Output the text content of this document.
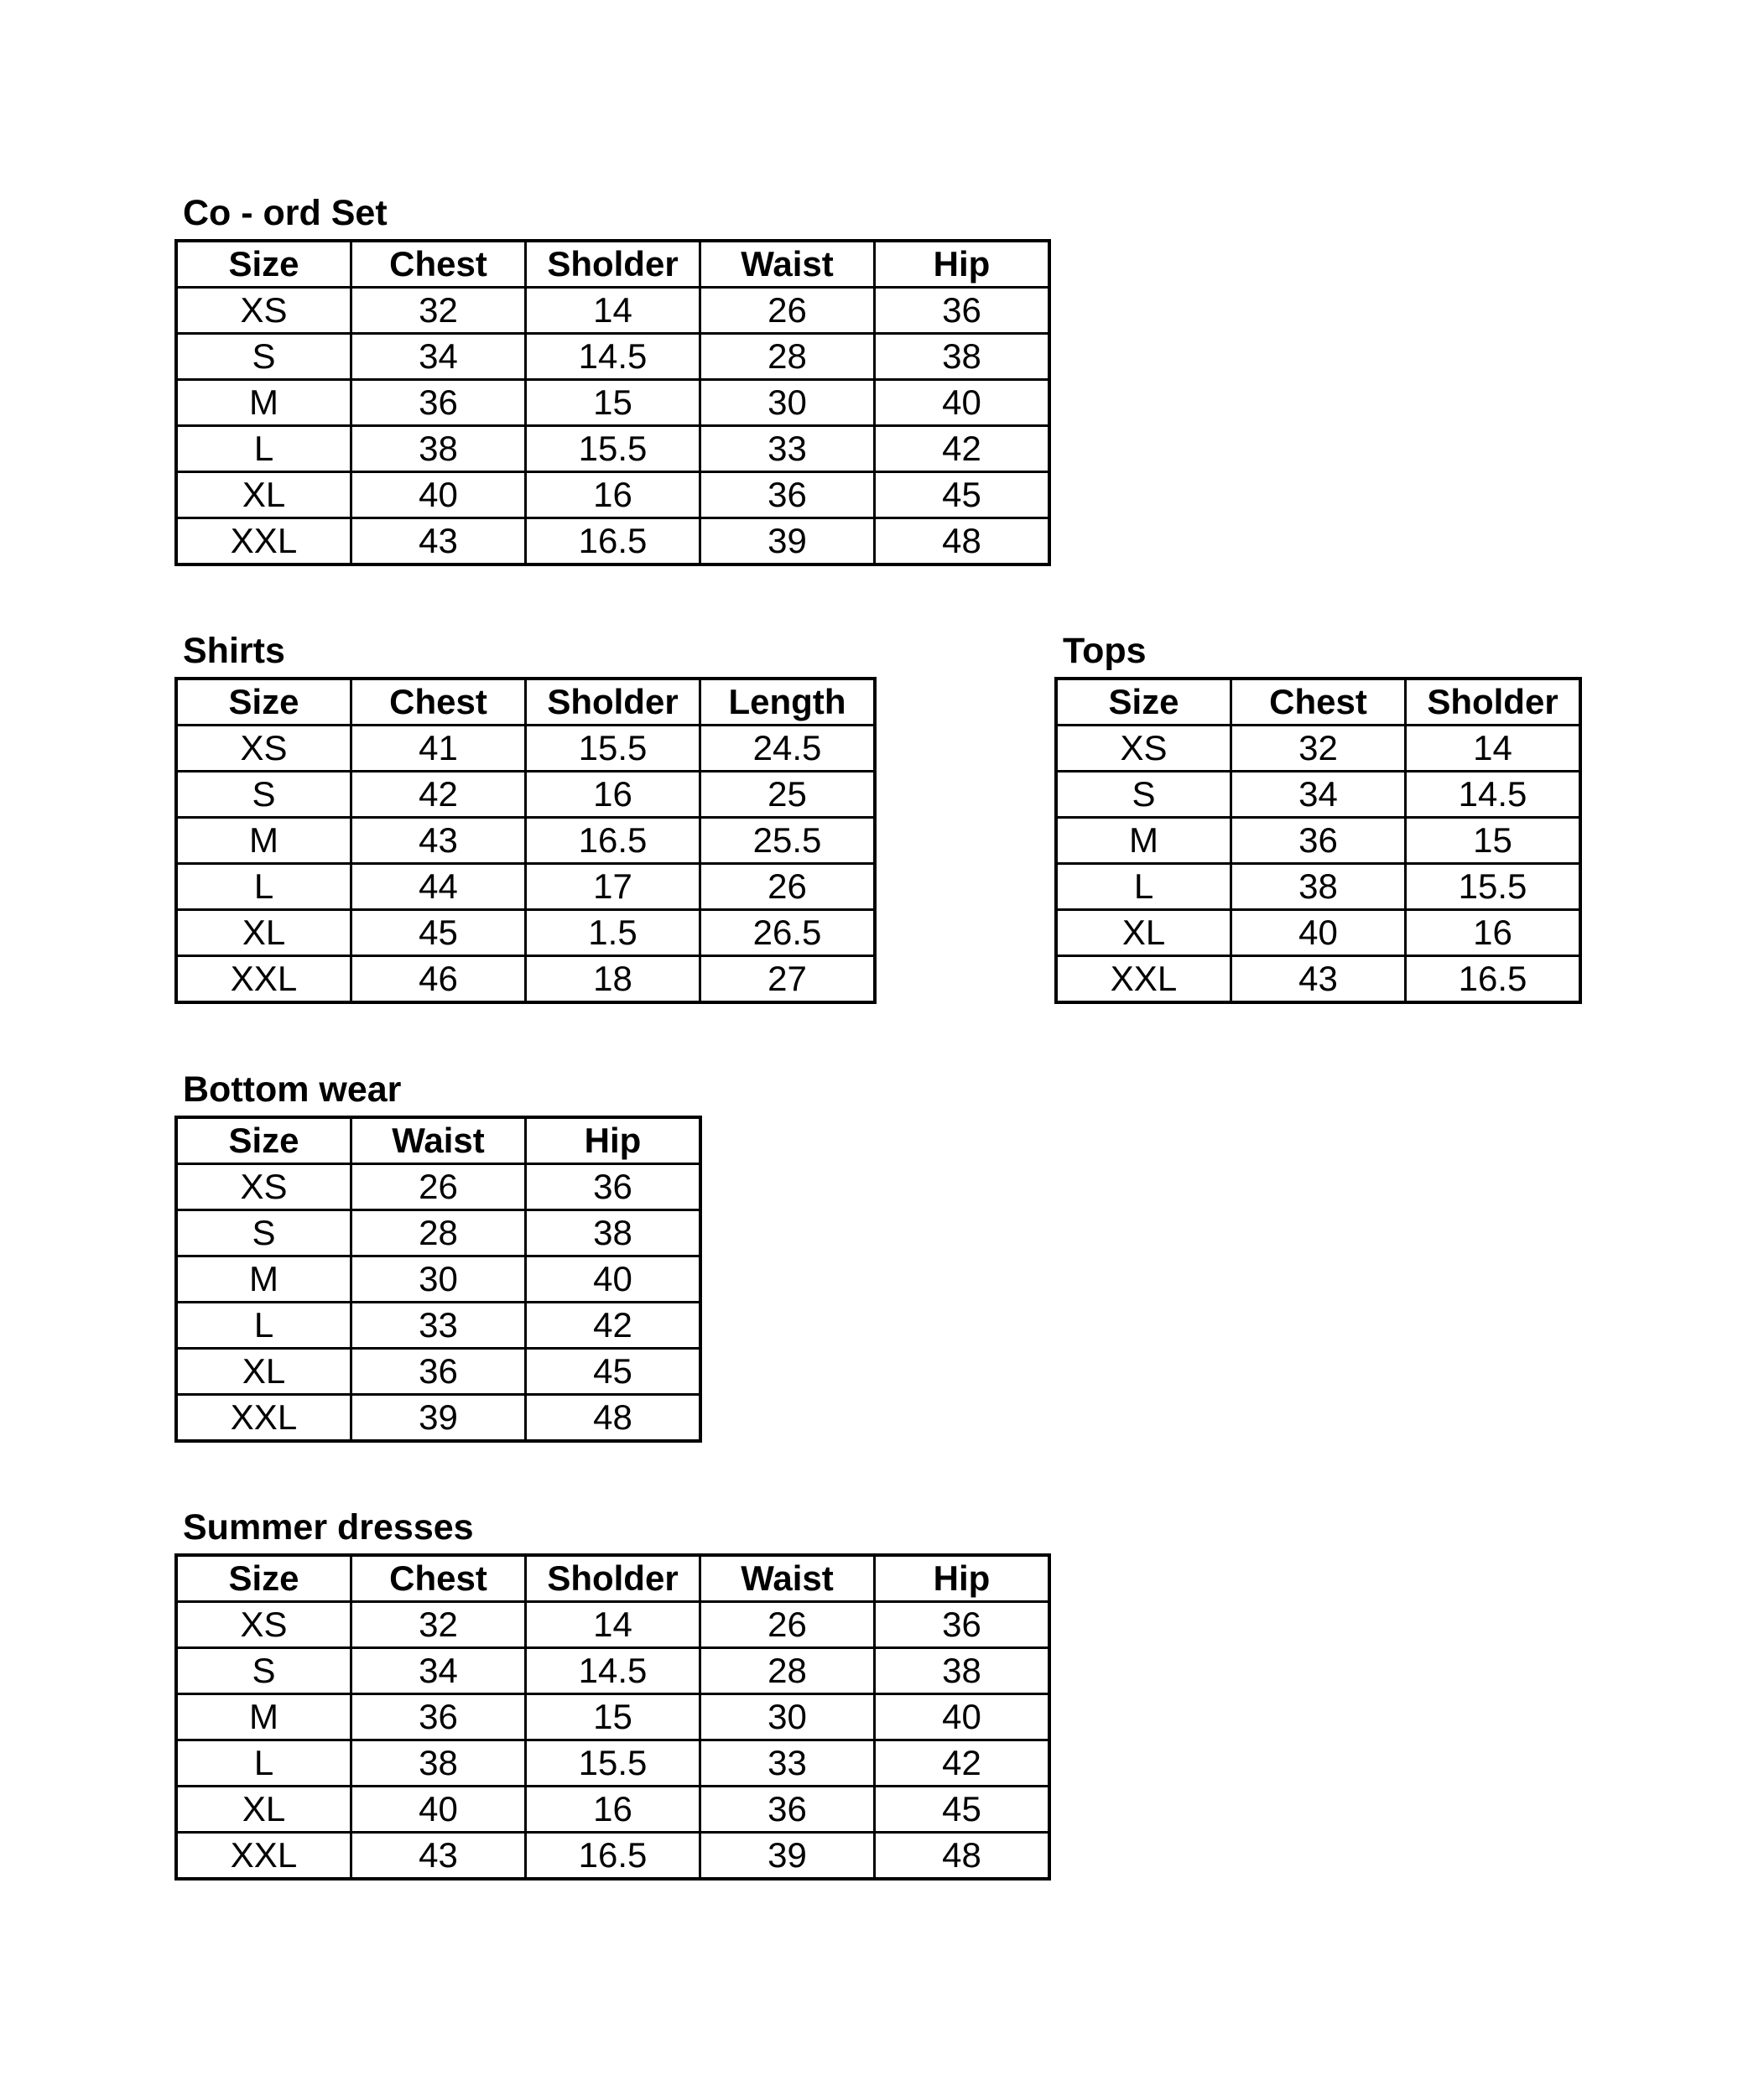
Co - ord Set
Size	Chest	Sholder	Waist	Hip
XS	32	14	26	36
S	34	14.5	28	38
M	36	15	30	40
L	38	15.5	33	42
XL	40	16	36	45
XXL	43	16.5	39	48
Shirts
Size	Chest	Sholder	Length
XS	41	15.5	24.5
S	42	16	25
M	43	16.5	25.5
L	44	17	26
XL	45	1.5	26.5
XXL	46	18	27
Tops
Size	Chest	Sholder
XS	32	14
S	34	14.5
M	36	15
L	38	15.5
XL	40	16
XXL	43	16.5
Bottom wear
Size	Waist	Hip
XS	26	36
S	28	38
M	30	40
L	33	42
XL	36	45
XXL	39	48
Summer dresses
Size	Chest	Sholder	Waist	Hip
XS	32	14	26	36
S	34	14.5	28	38
M	36	15	30	40
L	38	15.5	33	42
XL	40	16	36	45
XXL	43	16.5	39	48
